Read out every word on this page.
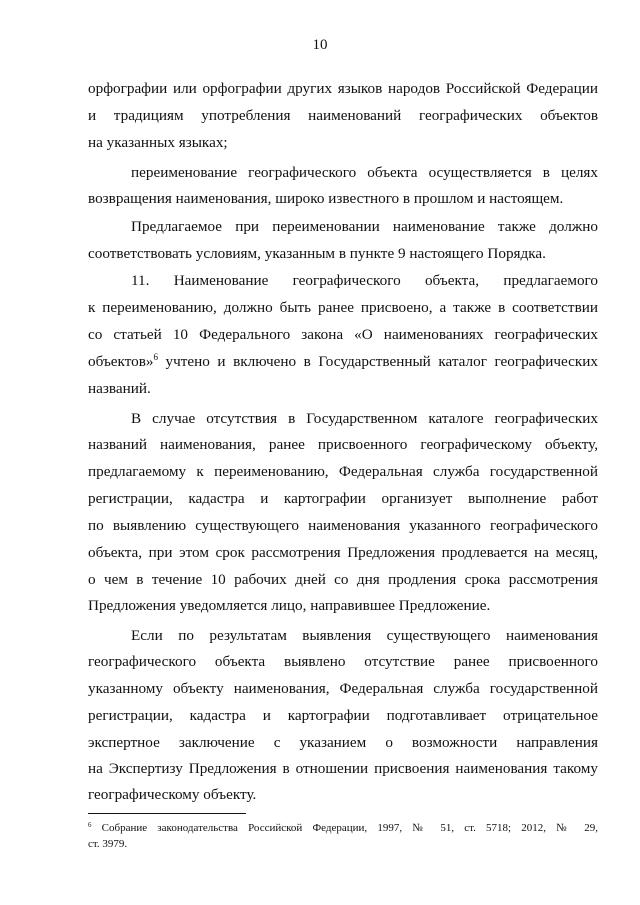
10
орфографии или орфографии других языков народов Российской Федерации
и традициям употребления наименований географических объектов
на указанных языках;
переименование географического объекта осуществляется в целях
возвращения наименования, широко известного в прошлом и настоящем.
Предлагаемое при переименовании наименование также должно
соответствовать условиям, указанным в пункте 9 настоящего Порядка.
11. Наименование географического объекта, предлагаемого
к переименованию, должно быть ранее присвоено, а также в соответствии
со статьей 10 Федерального закона «О наименованиях географических
объектов»$^6$ учтено и включено в Государственный каталог географических
названий.
В случае отсутствия в Государственном каталоге географических
названий наименования, ранее присвоенного географическому объекту,
предлагаемому к переименованию, Федеральная служба государственной
регистрации, кадастра и картографии организует выполнение работ
по выявлению существующего наименования указанного географического
объекта, при этом срок рассмотрения Предложения продлевается на месяц,
о чем в течение 10 рабочих дней со дня продления срока рассмотрения
Предложения уведомляется лицо, направившее Предложение.
Если по результатам выявления существующего наименования
географического объекта выявлено отсутствие ранее присвоенного
указанному объекту наименования, Федеральная служба государственной
регистрации, кадастра и картографии подготавливает отрицательное
экспертное заключение с указанием о возможности направления
на Экспертизу Предложения в отношении присвоения наименования такому
географическому объекту.
$^6$ Собрание законодательства Российской Федерации, 1997, № 51, ст. 5718; 2012, № 29,
ст. 3979.
